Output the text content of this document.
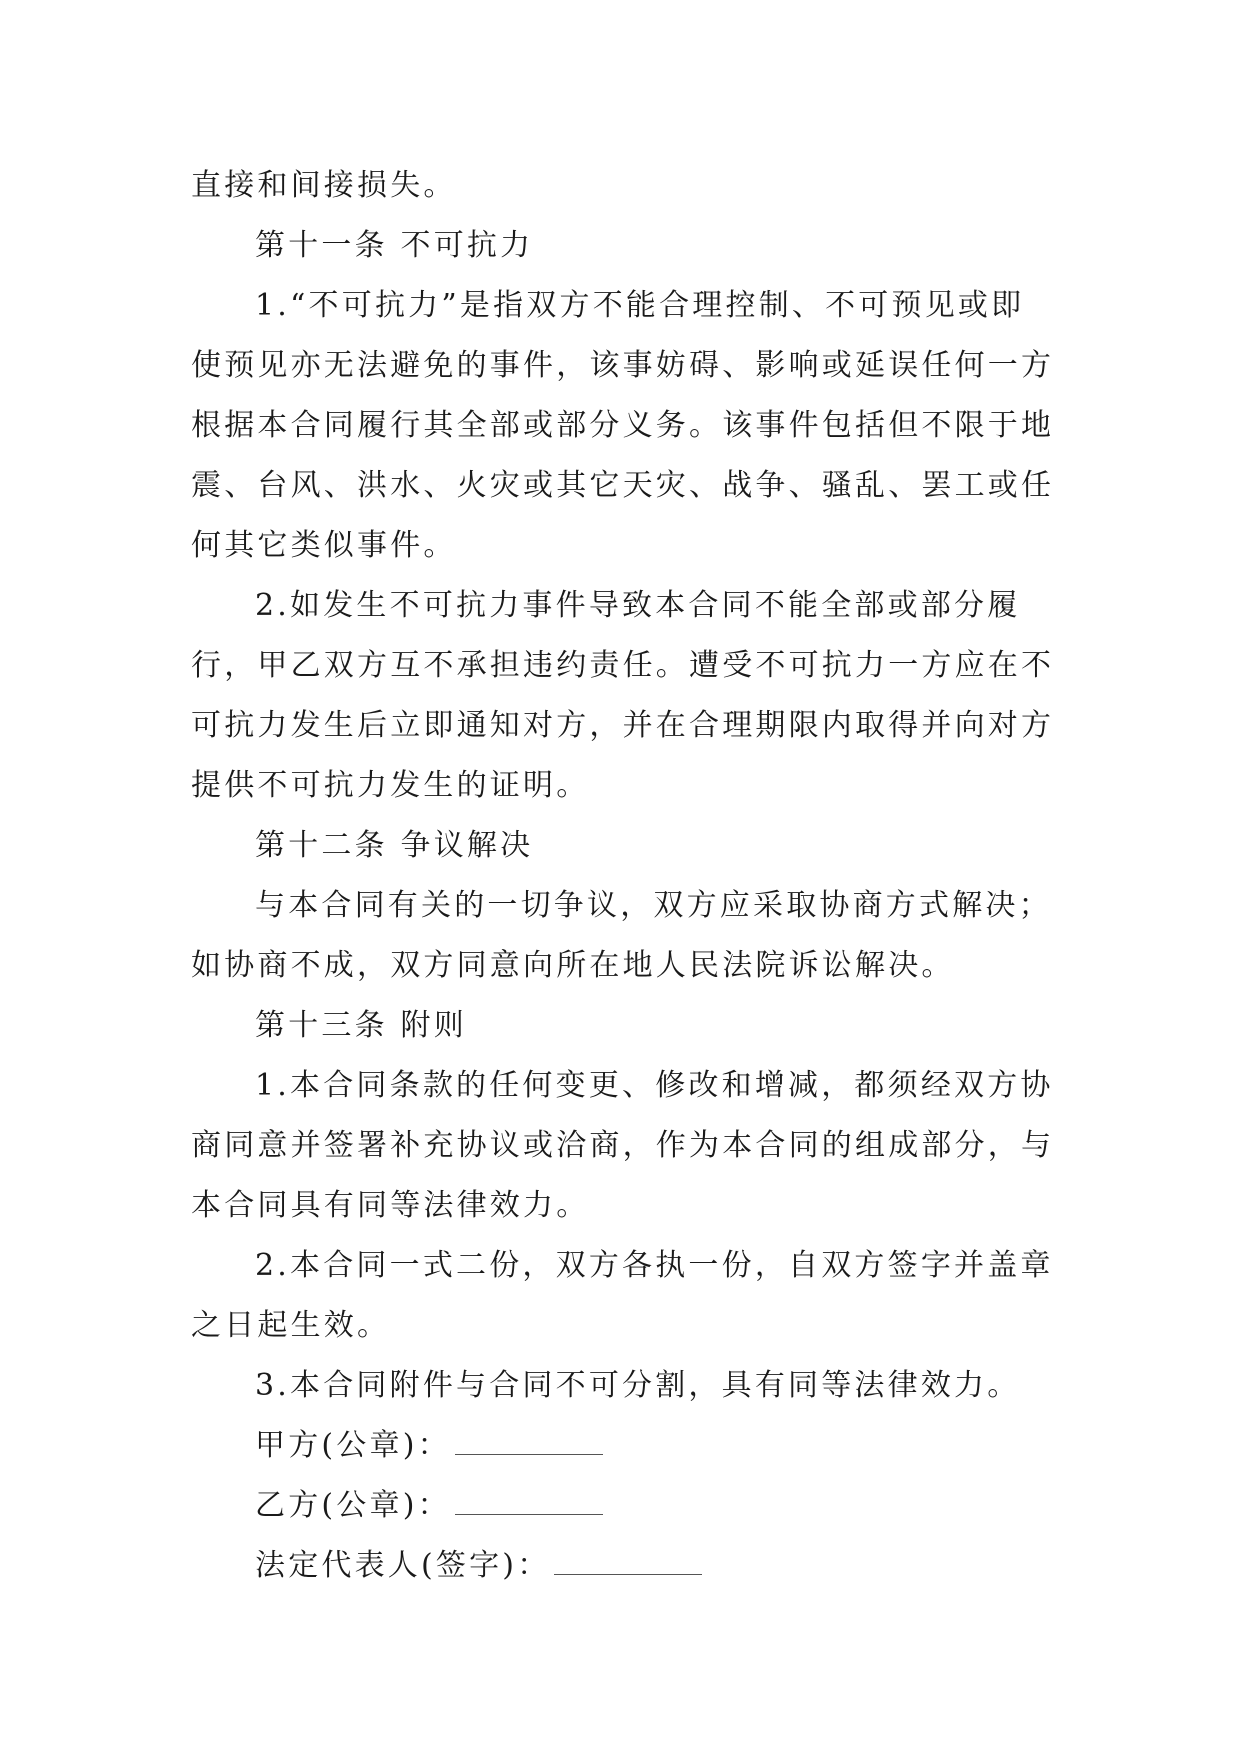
直接和间接损失。
第十一条 不可抗力
1.“不可抗力”是指双方不能合理控制、不可预见或即
使预见亦无法避免的事件，该事妨碍、影响或延误任何一方
根据本合同履行其全部或部分义务。该事件包括但不限于地
震、台风、洪水、火灾或其它天灾、战争、骚乱、罢工或任
何其它类似事件。
2.如发生不可抗力事件导致本合同不能全部或部分履
行，甲乙双方互不承担违约责任。遭受不可抗力一方应在不
可抗力发生后立即通知对方，并在合理期限内取得并向对方
提供不可抗力发生的证明。
第十二条 争议解决
与本合同有关的一切争议，双方应采取协商方式解决；
如协商不成，双方同意向所在地人民法院诉讼解决。
第十三条 附则
1.本合同条款的任何变更、修改和增减，都须经双方协
商同意并签署补充协议或洽商，作为本合同的组成部分，与
本合同具有同等法律效力。
2.本合同一式二份，双方各执一份，自双方签字并盖章
之日起生效。
3.本合同附件与合同不可分割，具有同等法律效力。
甲方(公章)：
乙方(公章)：
法定代表人(签字)：
